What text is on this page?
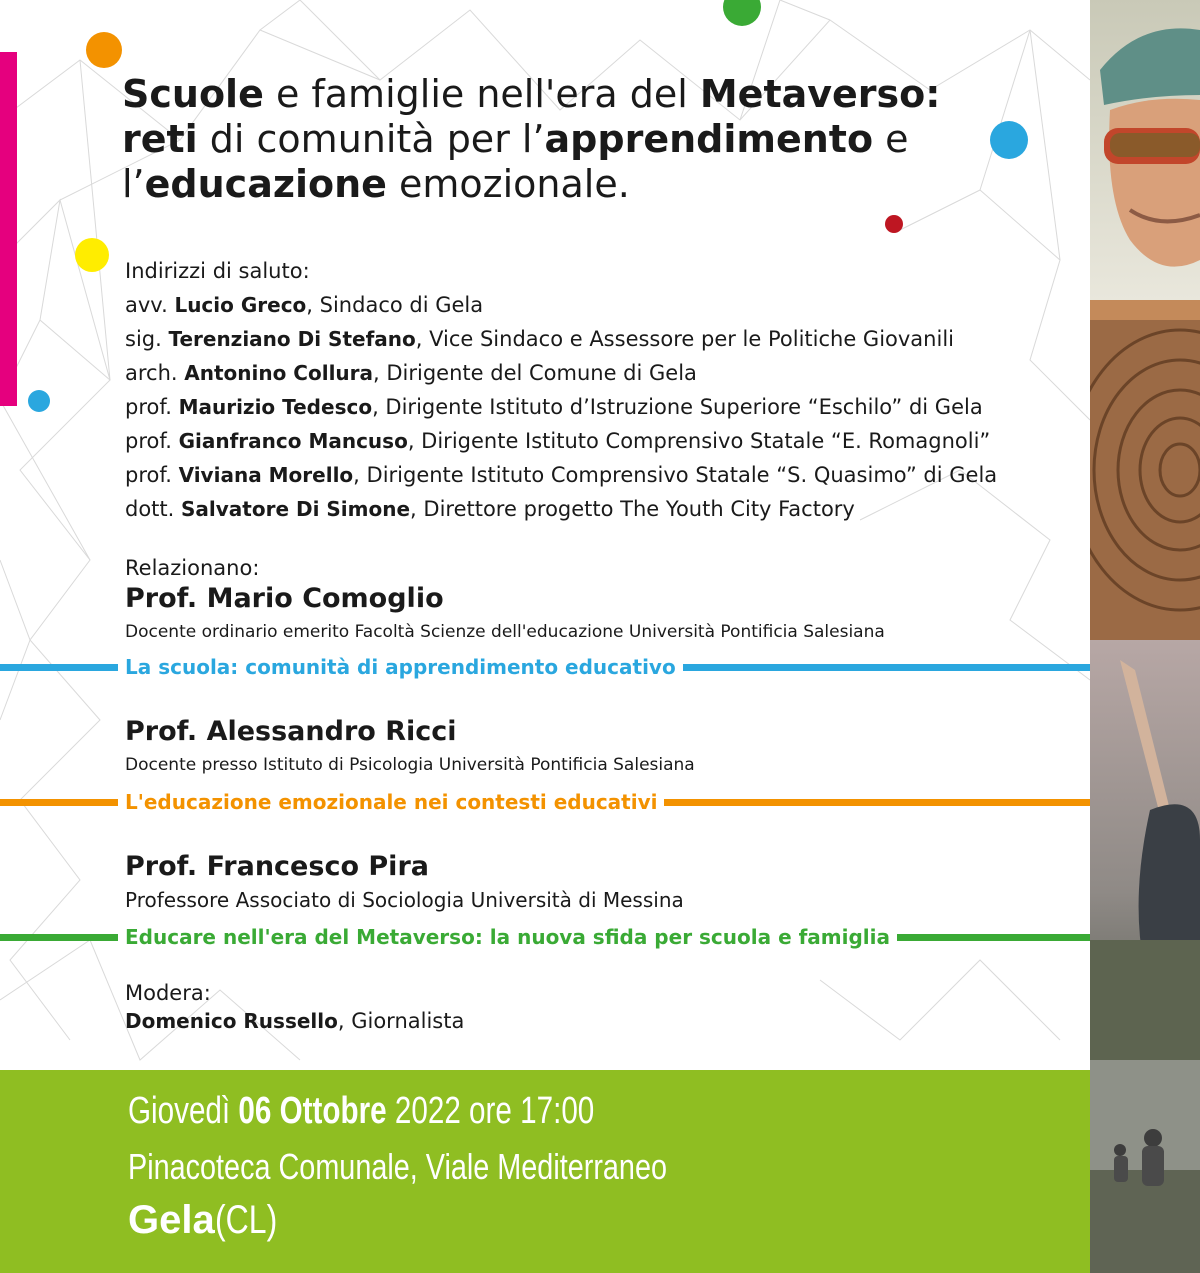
Scuole e famiglie nell'era del Metaverso:
reti di comunità per l’apprendimento e
l’educazione emozionale.
Indirizzi di saluto:
avv. Lucio Greco, Sindaco di Gela
sig. Terenziano Di Stefano, Vice Sindaco e Assessore per le Politiche Giovanili
arch. Antonino Collura, Dirigente del Comune di Gela
prof. Maurizio Tedesco, Dirigente Istituto d’Istruzione Superiore “Eschilo” di Gela
prof. Gianfranco Mancuso, Dirigente Istituto Comprensivo Statale “E. Romagnoli”
prof. Viviana Morello, Dirigente Istituto Comprensivo Statale “S. Quasimo” di Gela
dott. Salvatore Di Simone, Direttore progetto The Youth City Factory
Relazionano:
Prof. Mario Comoglio
Docente ordinario emerito Facoltà Scienze dell'educazione Università Pontificia Salesiana
La scuola: comunità di apprendimento educativo
Prof. Alessandro Ricci
Docente presso Istituto di Psicologia Università Pontificia Salesiana
L'educazione emozionale nei contesti educativi
Prof. Francesco Pira
Professore Associato di Sociologia Università di Messina
Educare nell'era del Metaverso: la nuova sfida per scuola e famiglia
Modera:
Domenico Russello, Giornalista
Giovedì 06 Ottobre 2022 ore 17:00
Pinacoteca Comunale, Viale Mediterraneo
Gela(CL)
